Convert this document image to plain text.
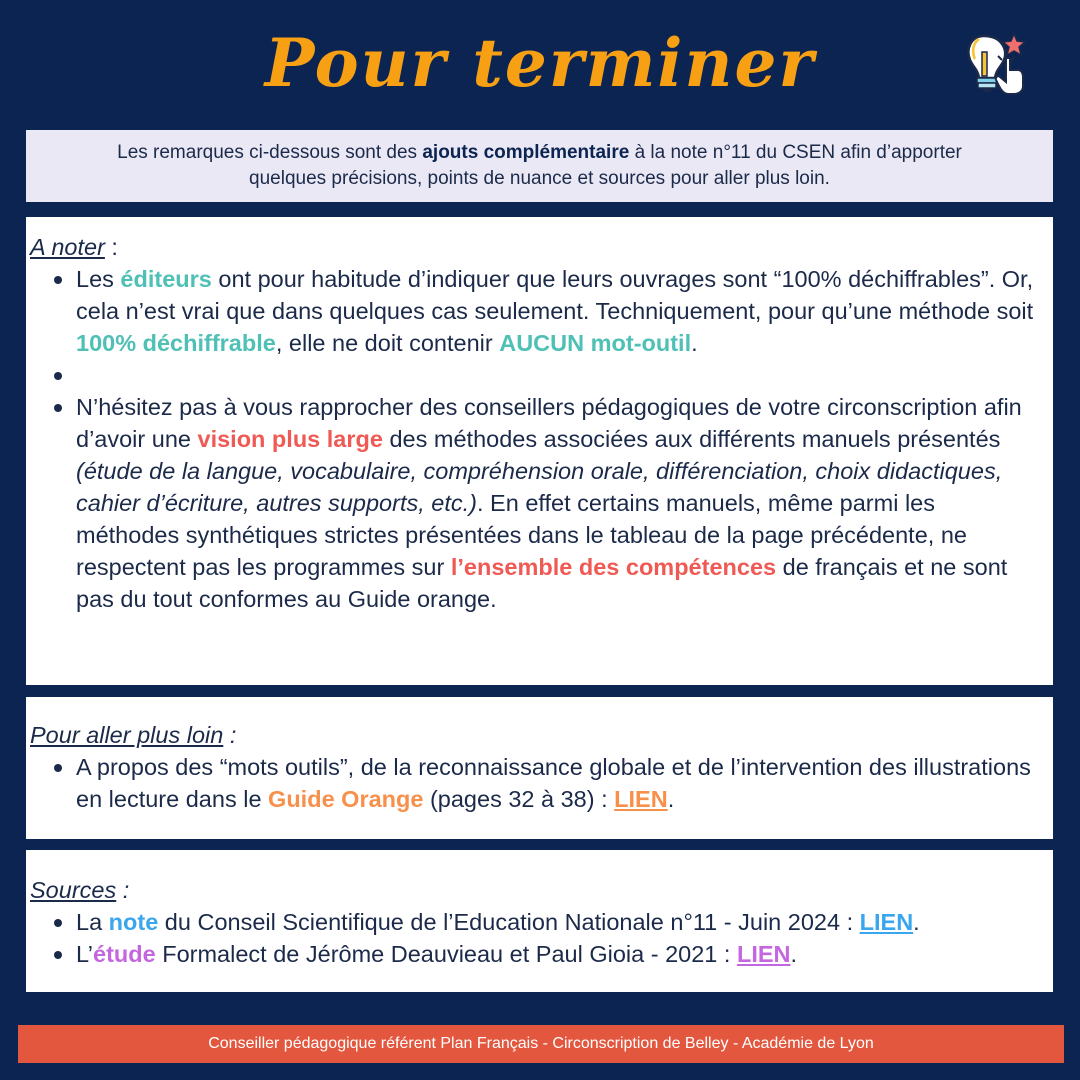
Pour terminer
Les remarques ci-dessous sont des ajouts complémentaire à la note n°11 du CSEN afin d’apporter
quelques précisions, points de nuance et sources pour aller plus loin.
A noter :
Les éditeurs ont pour habitude d’indiquer que leurs ouvrages sont “100% déchiffrables”. Or, cela n’est vrai que dans quelques cas seulement. Techniquement, pour qu’une méthode soit 100% déchiffrable, elle ne doit contenir AUCUN mot-outil.
N’hésitez pas à vous rapprocher des conseillers pédagogiques de votre circonscription afin d’avoir une vision plus large des méthodes associées aux différents manuels présentés (étude de la langue, vocabulaire, compréhension orale, différenciation, choix didactiques, cahier d’écriture, autres supports, etc.). En effet certains manuels, même parmi les méthodes synthétiques strictes présentées dans le tableau de la page précédente, ne respectent pas les programmes sur l’ensemble des compétences de français et ne sont pas du tout conformes au Guide orange.
Pour aller plus loin :
A propos des “mots outils”, de la reconnaissance globale et de l’intervention des illustrations en lecture dans le Guide Orange (pages 32 à 38) : LIEN.
Sources :
La note du Conseil Scientifique de l’Education Nationale n°11 - Juin 2024 : LIEN.
L’étude Formalect de Jérôme Deauvieau et Paul Gioia - 2021 : LIEN.
Conseiller pédagogique référent Plan Français - Circonscription de Belley - Académie de Lyon
